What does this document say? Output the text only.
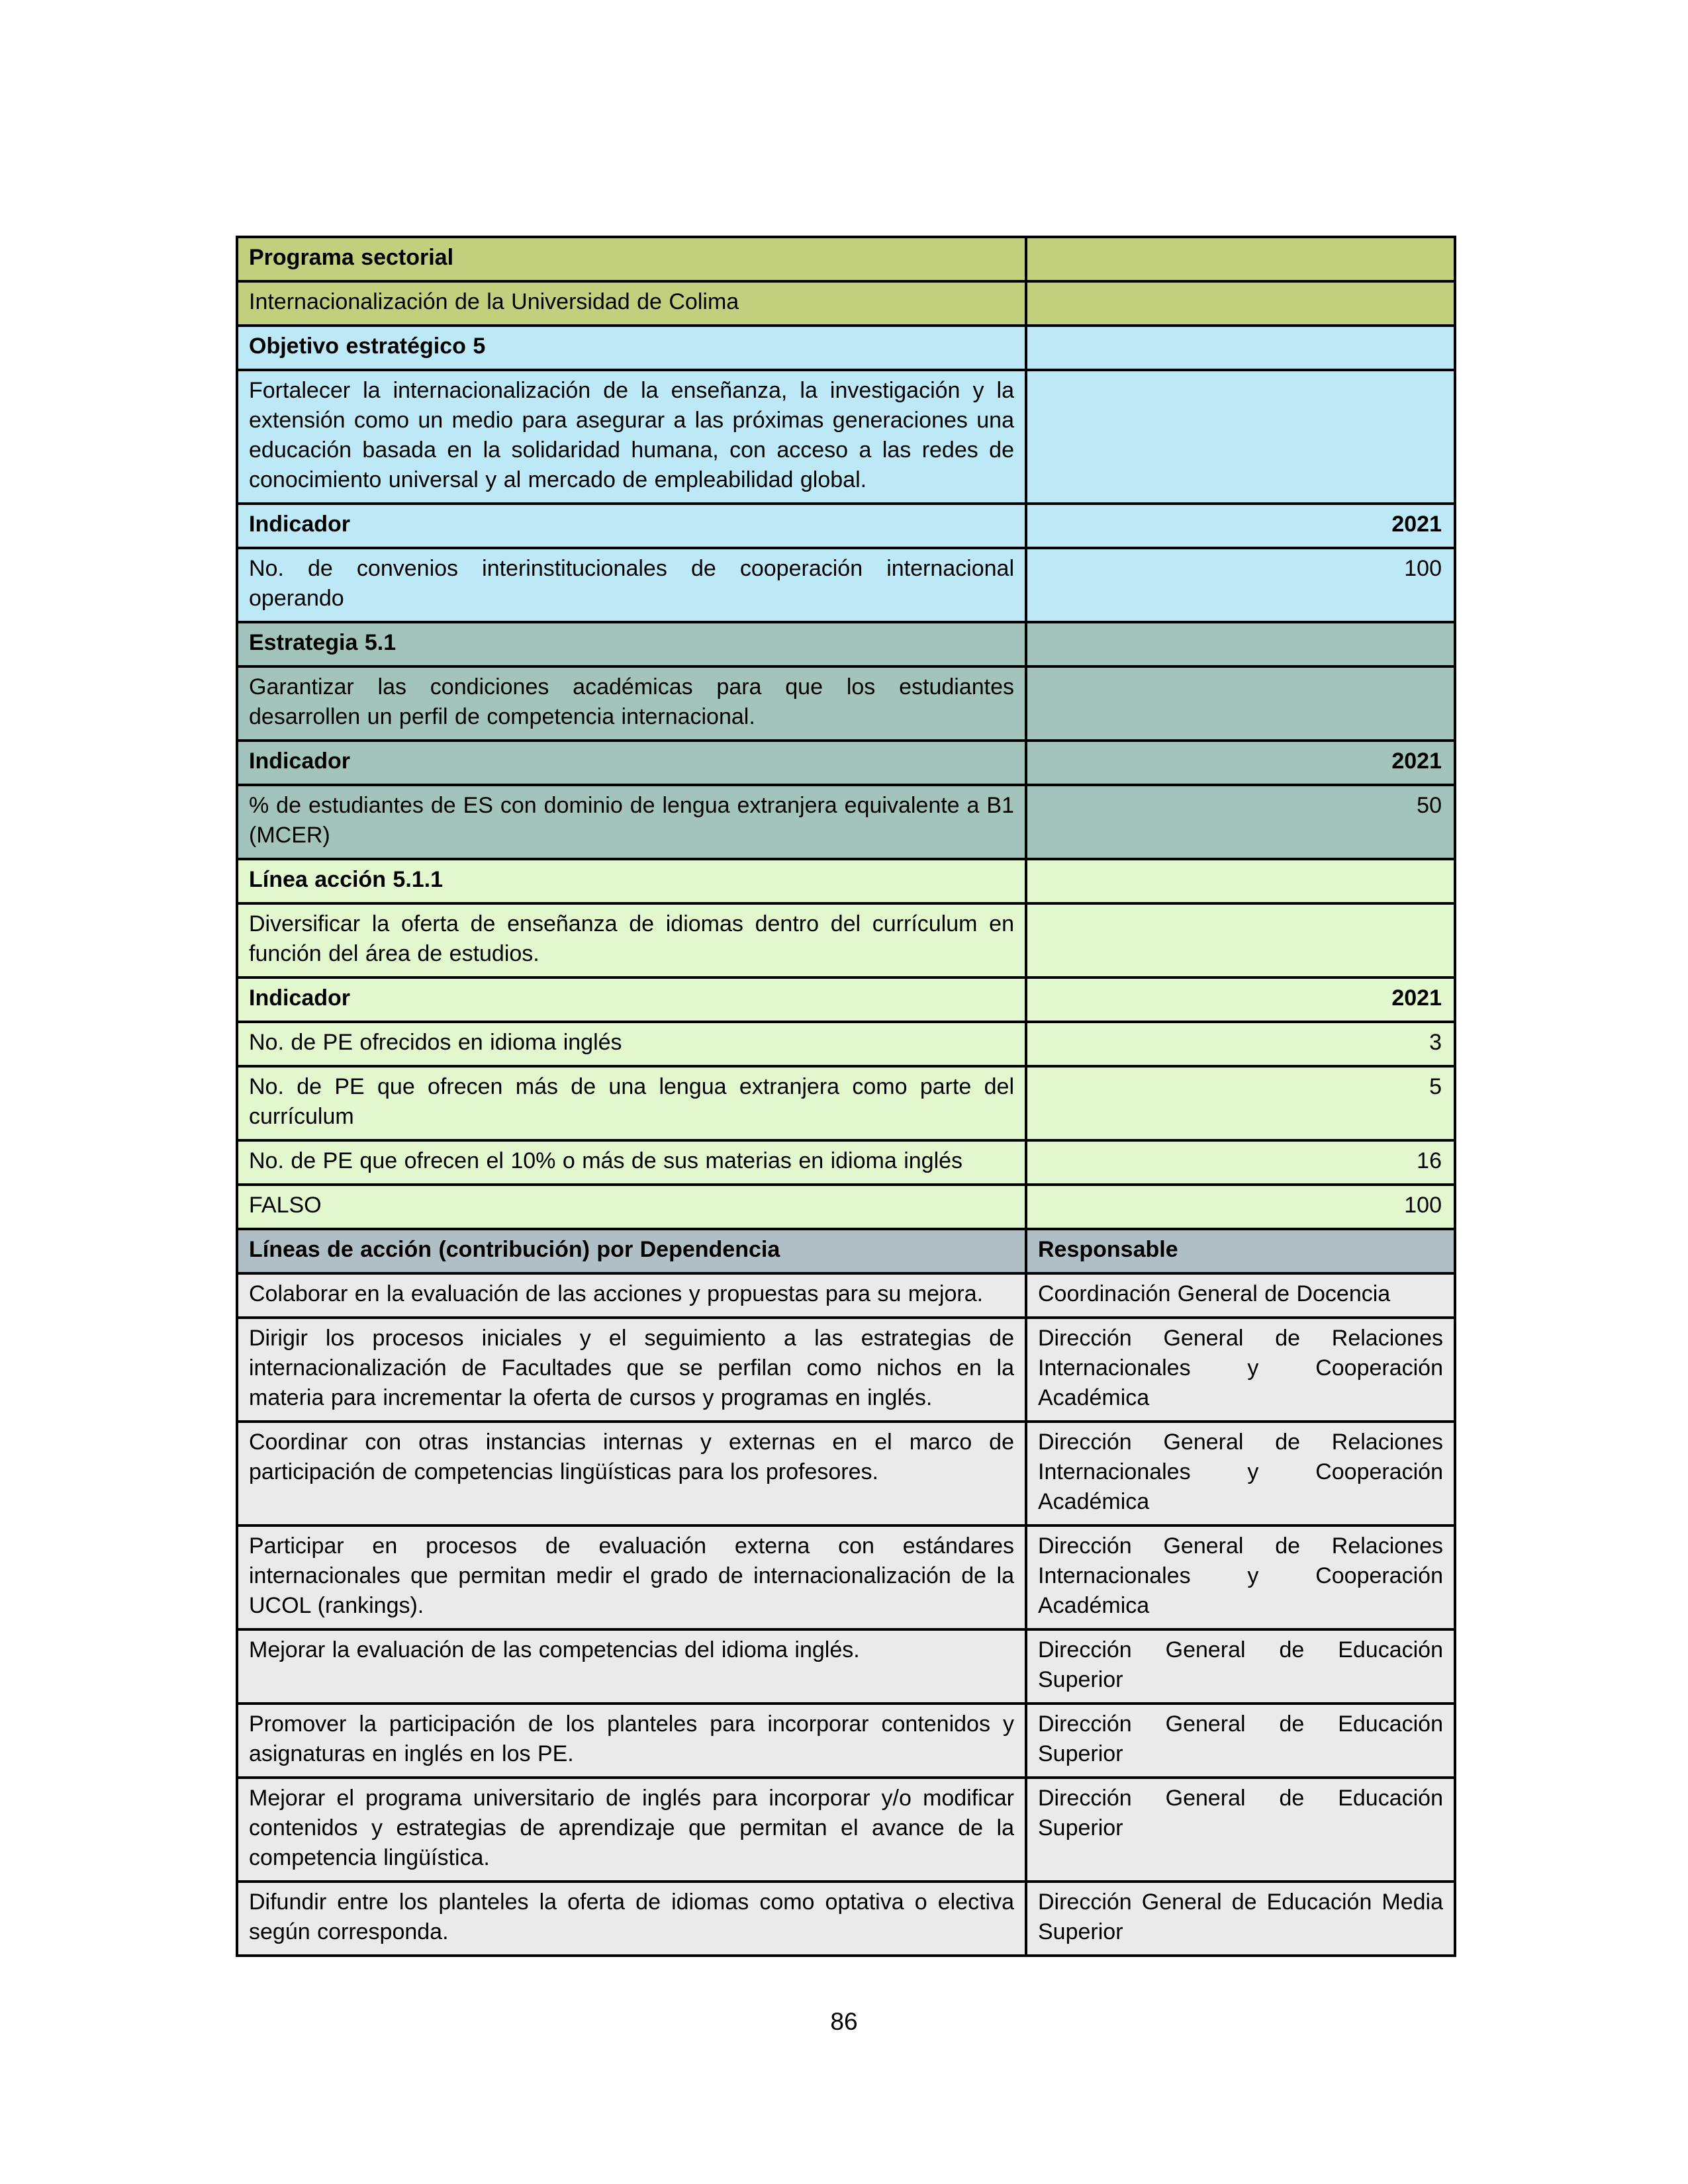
Programa sectorial	
Internacionalización de la Universidad de Colima	
Objetivo estratégico 5	
Fortalecer la internacionalización de la enseñanza, la investigación y la extensión como un medio para asegurar a las próximas generaciones una educación basada en la solidaridad humana, con acceso a las redes de conocimiento universal y al mercado de empleabilidad global.	
Indicador	2021
No. de convenios interinstitucionales de cooperación internacional operando	100
Estrategia 5.1	
Garantizar las condiciones académicas para que los estudiantes desarrollen un perfil de competencia internacional.	
Indicador	2021
% de estudiantes de ES con dominio de lengua extranjera equivalente a B1 (MCER)	50
Línea acción 5.1.1	
Diversificar la oferta de enseñanza de idiomas dentro del currículum en función del área de estudios.	
Indicador	2021
No. de PE ofrecidos en idioma inglés	3
No. de PE que ofrecen más de una lengua extranjera como parte del currículum	5
No. de PE que ofrecen el 10% o más de sus materias en idioma inglés	16
FALSO	100
Líneas de acción (contribución) por Dependencia	Responsable
Colaborar en la evaluación de las acciones y propuestas para su mejora.	Coordinación General de Docencia
Dirigir los procesos iniciales y el seguimiento a las estrategias de internacionalización de Facultades que se perfilan como nichos en la materia para incrementar la oferta de cursos y programas en inglés.	Dirección General de Relaciones Internacionales y Cooperación Académica
Coordinar con otras instancias internas y externas en el marco de participación de competencias lingüísticas para los profesores.	Dirección General de Relaciones Internacionales y Cooperación Académica
Participar en procesos de evaluación externa con estándares internacionales que permitan medir el grado de internacionalización de la UCOL (rankings).	Dirección General de Relaciones Internacionales y Cooperación Académica
Mejorar la evaluación de las competencias del idioma inglés.	Dirección General de Educación Superior
Promover la participación de los planteles para incorporar contenidos y asignaturas en inglés en los PE.	Dirección General de Educación Superior
Mejorar el programa universitario de inglés para incorporar y/o modificar contenidos y estrategias de aprendizaje que permitan el avance de la competencia lingüística.	Dirección General de Educación Superior
Difundir entre los planteles la oferta de idiomas como optativa o electiva según corresponda.	Dirección General de Educación Media Superior
86
